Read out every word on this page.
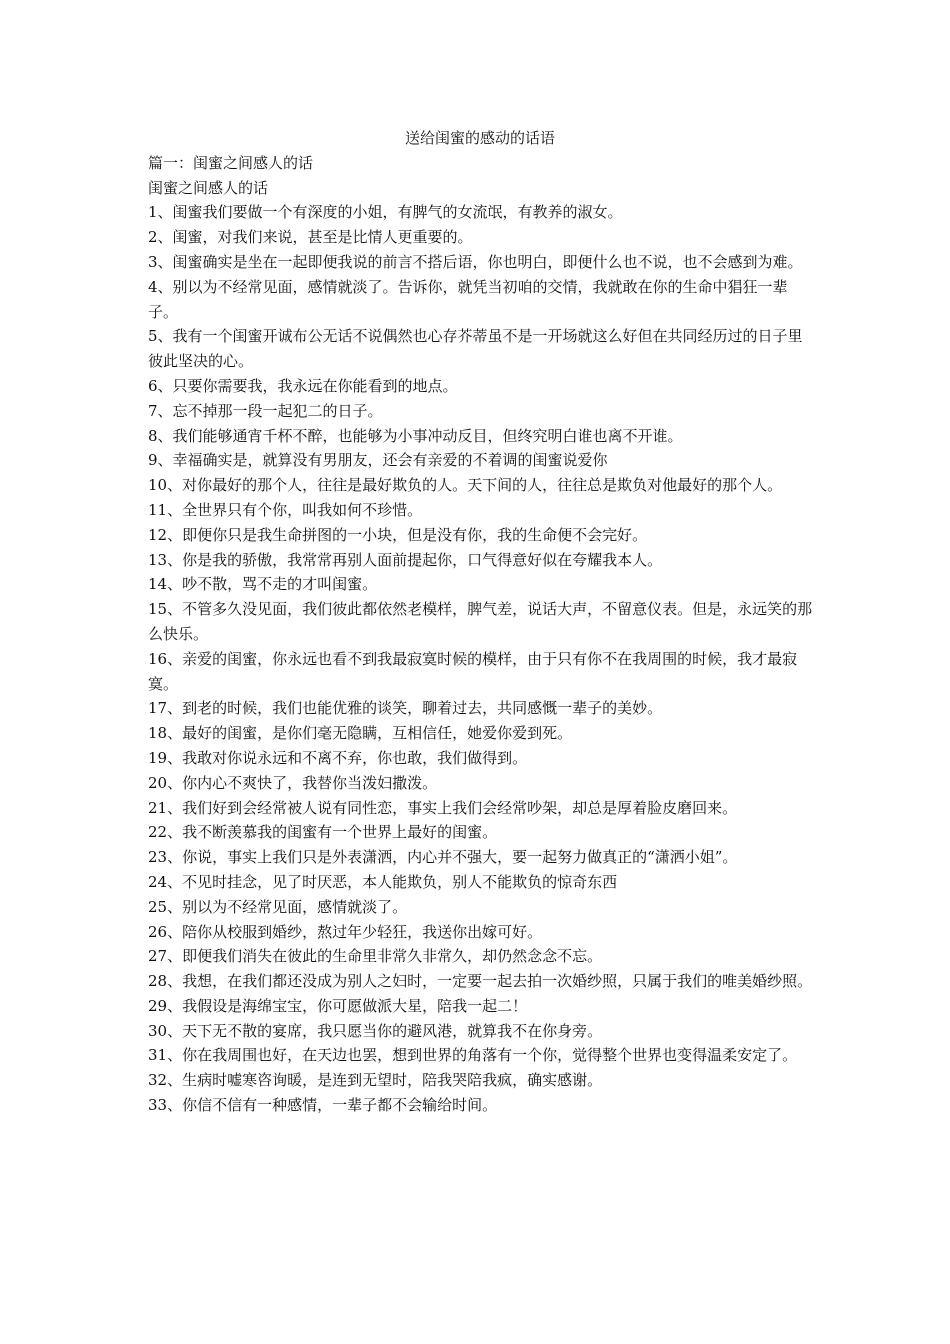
送给闺蜜的感动的话语

篇一：闺蜜之间感人的话

闺蜜之间感人的话

1、闺蜜我们要做一个有深度的小姐，有脾气的女流氓，有教养的淑女。

2、闺蜜，对我们来说，甚至是比情人更重要的。

3、闺蜜确实是坐在一起即便我说的前言不搭后语，你也明白，即便什么也不说，也不会感到为难。

4、别以为不经常见面，感情就淡了。告诉你，就凭当初咱的交情，我就敢在你的生命中猖狂一辈子。

5、我有一个闺蜜开诚布公无话不说偶然也心存芥蒂虽不是一开场就这么好但在共同经历过的日子里彼此坚决的心。

6、只要你需要我，我永远在你能看到的地点。

7、忘不掉那一段一起犯二的日子。

8、我们能够通宵千杯不醉，也能够为小事冲动反目，但终究明白谁也离不开谁。

9、幸福确实是，就算没有男朋友，还会有亲爱的不着调的闺蜜说爱你

10、对你最好的那个人，往往是最好欺负的人。天下间的人，往往总是欺负对他最好的那个人。

11、全世界只有个你，叫我如何不珍惜。

12、即便你只是我生命拼图的一小块，但是没有你，我的生命便不会完好。

13、你是我的骄傲，我常常再别人面前提起你，口气得意好似在夸耀我本人。

14、吵不散，骂不走的才叫闺蜜。

15、不管多久没见面，我们彼此都依然老模样，脾气差，说话大声，不留意仪表。但是，永远笑的那么快乐。

16、亲爱的闺蜜，你永远也看不到我最寂寞时候的模样，由于只有你不在我周围的时候，我才最寂寞。

17、到老的时候，我们也能优雅的谈笑，聊着过去，共同感慨一辈子的美妙。

18、最好的闺蜜，是你们毫无隐瞒，互相信任，她爱你爱到死。

19、我敢对你说永远和不离不弃，你也敢，我们做得到。

20、你内心不爽快了，我替你当泼妇撒泼。

21、我们好到会经常被人说有同性恋，事实上我们会经常吵架，却总是厚着脸皮磨回来。

22、我不断羡慕我的闺蜜有一个世界上最好的闺蜜。

23、你说，事实上我们只是外表潇洒，内心并不强大，要一起努力做真正的“潇洒小姐”。

24、不见时挂念，见了时厌恶，本人能欺负，别人不能欺负的惊奇东西

25、别以为不经常见面，感情就淡了。

26、陪你从校服到婚纱，熬过年少轻狂，我送你出嫁可好。

27、即便我们消失在彼此的生命里非常久非常久，却仍然念念不忘。

28、我想，在我们都还没成为别人之妇时，一定要一起去拍一次婚纱照，只属于我们的唯美婚纱照。

29、我假设是海绵宝宝，你可愿做派大星，陪我一起二！

30、天下无不散的宴席，我只愿当你的避风港，就算我不在你身旁。

31、你在我周围也好，在天边也罢，想到世界的角落有一个你，觉得整个世界也变得温柔安定了。

32、生病时嘘寒咨询暖，是连到无望时，陪我哭陪我疯，确实感谢。

33、你信不信有一种感情，一辈子都不会输给时间。
